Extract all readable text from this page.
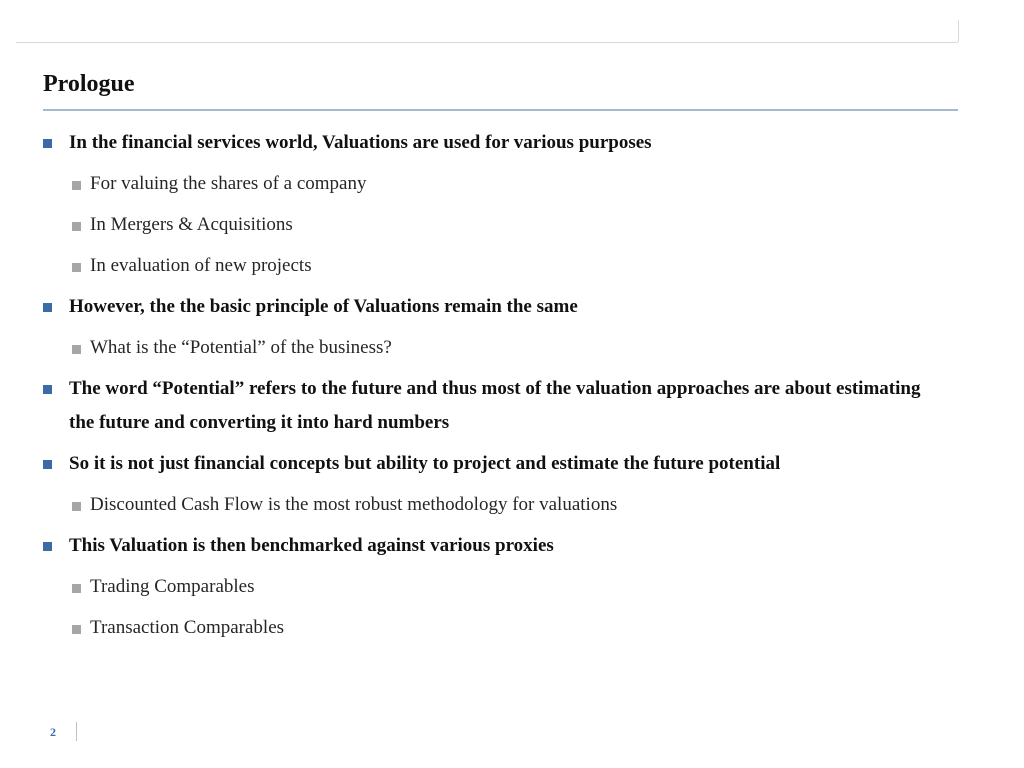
Prologue
In the financial services world, Valuations are used for various purposes
For valuing the shares of a company
In Mergers & Acquisitions
In evaluation of new projects
However, the the basic principle of Valuations remain the same
What is the “Potential” of the business?
The word “Potential” refers to the future and thus most of the valuation approaches are about estimating the future and converting it into hard numbers
So it is not just financial concepts but ability to project and estimate the future potential
Discounted Cash Flow is the most robust methodology for valuations
This Valuation is then benchmarked against various proxies
Trading Comparables
Transaction Comparables
2
